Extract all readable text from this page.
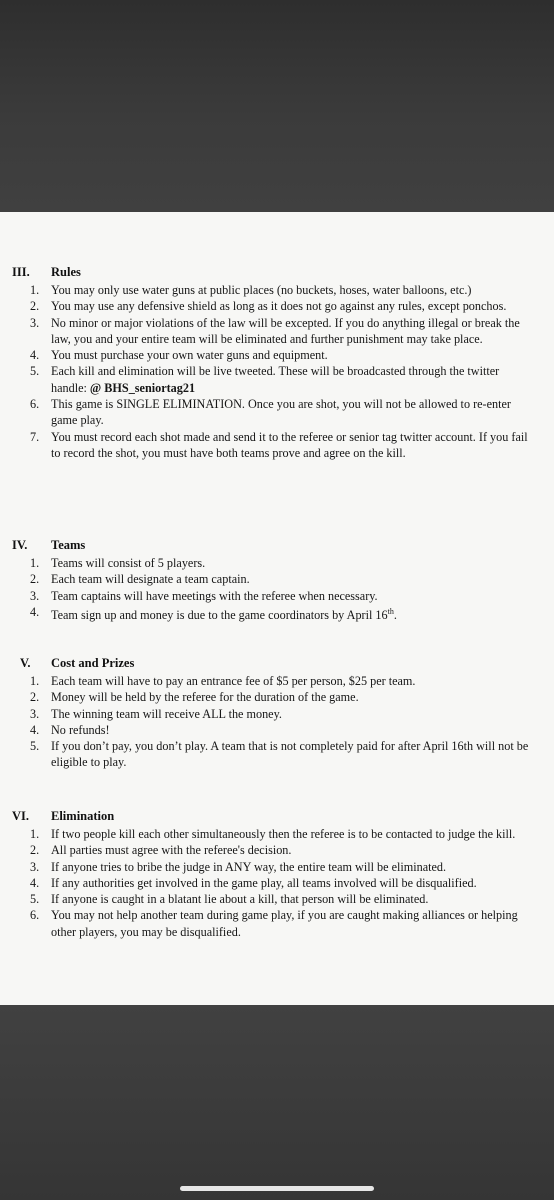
III. Rules
1. You may only use water guns at public places (no buckets, hoses, water balloons, etc.)
2. You may use any defensive shield as long as it does not go against any rules, except ponchos.
3. No minor or major violations of the law will be excepted. If you do anything illegal or break the law, you and your entire team will be eliminated and further punishment may take place.
4. You must purchase your own water guns and equipment.
5. Each kill and elimination will be live tweeted. These will be broadcasted through the twitter handle: @ BHS_seniortag21
6. This game is SINGLE ELIMINATION. Once you are shot, you will not be allowed to re-enter game play.
7. You must record each shot made and send it to the referee or senior tag twitter account. If you fail to record the shot, you must have both teams prove and agree on the kill.
IV. Teams
1. Teams will consist of 5 players.
2. Each team will designate a team captain.
3. Team captains will have meetings with the referee when necessary.
4. Team sign up and money is due to the game coordinators by April 16th.
V. Cost and Prizes
1. Each team will have to pay an entrance fee of $5 per person, $25 per team.
2. Money will be held by the referee for the duration of the game.
3. The winning team will receive ALL the money.
4. No refunds!
5. If you don’t pay, you don’t play. A team that is not completely paid for after April 16th will not be eligible to play.
VI. Elimination
1. If two people kill each other simultaneously then the referee is to be contacted to judge the kill.
2. All parties must agree with the referee's decision.
3. If anyone tries to bribe the judge in ANY way, the entire team will be eliminated.
4. If any authorities get involved in the game play, all teams involved will be disqualified.
5. If anyone is caught in a blatant lie about a kill, that person will be eliminated.
6. You may not help another team during game play, if you are caught making alliances or helping other players, you may be disqualified.
